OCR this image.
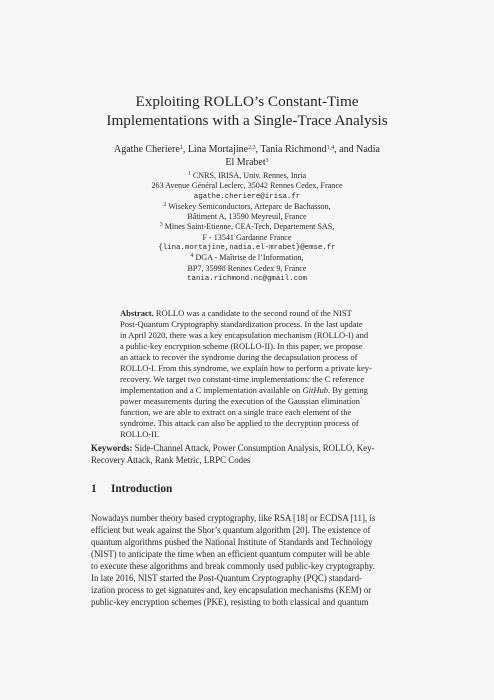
Exploiting ROLLO’s Constant-Time
Implementations with a Single-Trace Analysis
Agathe Cheriere$^1$, Lina Mortajine$^{2,3}$, Tania Richmond$^{1,4}$, and Nadia
El Mrabet$^3$
$^1$ CNRS, IRISA, Univ. Rennes, Inria
263 Avenue Général Leclerc, 35042 Rennes Cedex, France
agathe.cheriere@irisa.fr
$^2$ Wisekey Semiconductors, Arteparc de Bachasson,
Bâtiment A, 13590 Meyreuil, France
$^3$ Mines Saint-Etienne, CEA-Tech, Departement SAS,
F - 13541 Gardanne France
{lina.mortajine,nadia.el-mrabet}@emse.fr
$^4$ DGA - Maîtrise de l’Information,
BP7, 35998 Rennes Cedex 9, France
tania.richmond.nc@gmail.com
Abstract. ROLLO was a candidate to the second round of the NIST
Post-Quantum Cryptography standardization process. In the last update
in April 2020, there was a key encapsulation mechanism (ROLLO-I) and
a public-key encryption scheme (ROLLO-II). In this paper, we propose
an attack to recover the syndrome during the decapsulation process of
ROLLO-I. From this syndrome, we explain how to perform a private key-
recovery. We target two constant-time implementations: the C reference
implementation and a C implementation available on GitHub. By getting
power measurements during the execution of the Gaussian elimination
function, we are able to extract on a single trace each element of the
syndrome. This attack can also be applied to the decryption process of
ROLLO-II.
Keywords: Side-Channel Attack, Power Consumption Analysis, ROLLO, Key-
Recovery Attack, Rank Metric, LRPC Codes
1 Introduction
Nowadays number theory based cryptography, like RSA [18] or ECDSA [11], is
efficient but weak against the Shor’s quantum algorithm [20]. The existence of
quantum algorithms pushed the National Institute of Standards and Technology
(NIST) to anticipate the time when an efficient quantum computer will be able
to execute these algorithms and break commonly used public-key cryptography.
In late 2016, NIST started the Post-Quantum Cryptography (PQC) standard-
ization process to get signatures and, key encapsulation mechanisms (KEM) or
public-key encryption schemes (PKE), resisting to both classical and quantum
